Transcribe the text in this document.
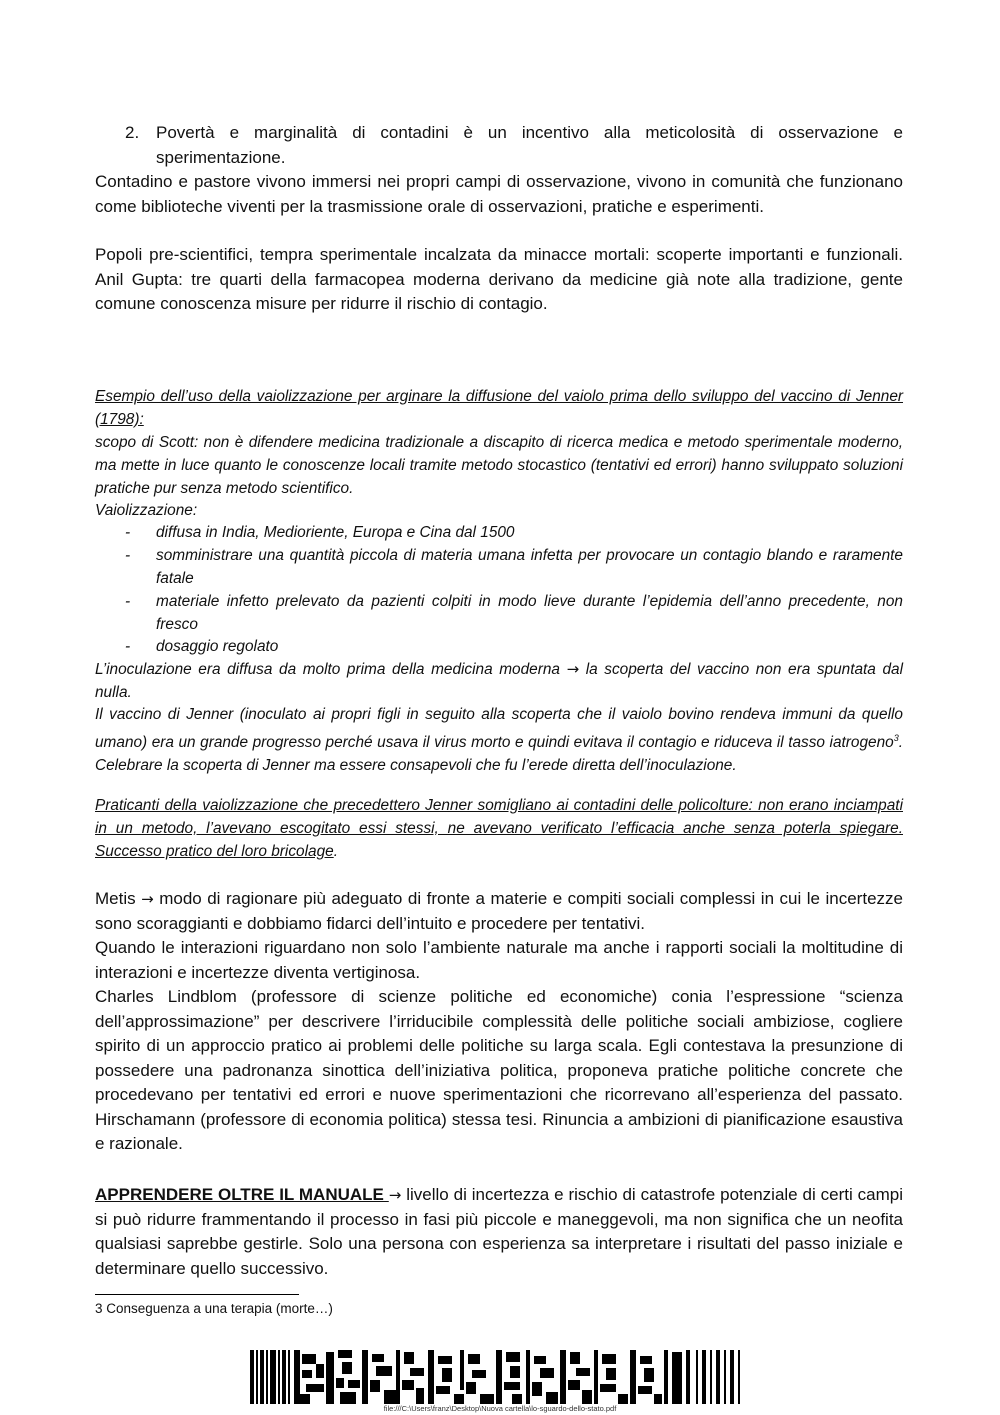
2. Povertà e marginalità di contadini è un incentivo alla meticolosità di osservazione e sperimentazione.

Contadino e pastore vivono immersi nei propri campi di osservazione, vivono in comunità che funzionano come biblioteche viventi per la trasmissione orale di osservazioni, pratiche e esperimenti.

Popoli pre-scientifici, tempra sperimentale incalzata da minacce mortali: scoperte importanti e funzionali. Anil Gupta: tre quarti della farmacopea moderna derivano da medicine già note alla tradizione, gente comune conoscenza misure per ridurre il rischio di contagio.

Esempio dell’uso della vaiolizzazione per arginare la diffusione del vaiolo prima dello sviluppo del vaccino di Jenner (1798):

scopo di Scott: non è difendere medicina tradizionale a discapito di ricerca medica e metodo sperimentale moderno, ma mette in luce quanto le conoscenze locali tramite metodo stocastico (tentativi ed errori) hanno sviluppato soluzioni pratiche pur senza metodo scientifico.

Vaiolizzazione:

- diffusa in India, Medioriente, Europa e Cina dal 1500
- somministrare una quantità piccola di materia umana infetta per provocare un contagio blando e raramente fatale
- materiale infetto prelevato da pazienti colpiti in modo lieve durante l’epidemia dell’anno precedente, non fresco
- dosaggio regolato

L’inoculazione era diffusa da molto prima della medicina moderna → la scoperta del vaccino non era spuntata dal nulla.

Il vaccino di Jenner (inoculato ai propri figli in seguito alla scoperta che il vaiolo bovino rendeva immuni da quello umano) era un grande progresso perché usava il virus morto e quindi evitava il contagio e riduceva il tasso iatrogeno$^3$. Celebrare la scoperta di Jenner ma essere consapevoli che fu l’erede diretta dell’inoculazione.

Praticanti della vaiolizzazione che precedettero Jenner somigliano ai contadini delle policolture: non erano inciampati in un metodo, l’avevano escogitato essi stessi, ne avevano verificato l’efficacia anche senza poterla spiegare. Successo pratico del loro bricolage.

Metis → modo di ragionare più adeguato di fronte a materie e compiti sociali complessi in cui le incertezze sono scoraggianti e dobbiamo fidarci dell’intuito e procedere per tentativi.

Quando le interazioni riguardano non solo l’ambiente naturale ma anche i rapporti sociali la moltitudine di interazioni e incertezze diventa vertiginosa.

Charles Lindblom (professore di scienze politiche ed economiche) conia l’espressione “scienza dell’approssimazione” per descrivere l’irriducibile complessità delle politiche sociali ambiziose, cogliere spirito di un approccio pratico ai problemi delle politiche su larga scala. Egli contestava la presunzione di possedere una padronanza sinottica dell’iniziativa politica, proponeva pratiche politiche concrete che procedevano per tentativi ed errori e nuove sperimentazioni che ricorrevano all’esperienza del passato. Hirschamann (professore di economia politica) stessa tesi. Rinuncia a ambizioni di pianificazione esaustiva e razionale.

APPRENDERE OLTRE IL MANUALE → livello di incertezza e rischio di catastrofe potenziale di certi campi si può ridurre frammentando il processo in fasi più piccole e maneggevoli, ma non significa che un neofita qualsiasi saprebbe gestirle. Solo una persona con esperienza sa interpretare i risultati del passo iniziale e determinare quello successivo.

3 Conseguenza a una terapia (morte…)
file:///C:\Users\franz\Desktop\Nuova cartella\lo-sguardo-dello-stato.pdf
